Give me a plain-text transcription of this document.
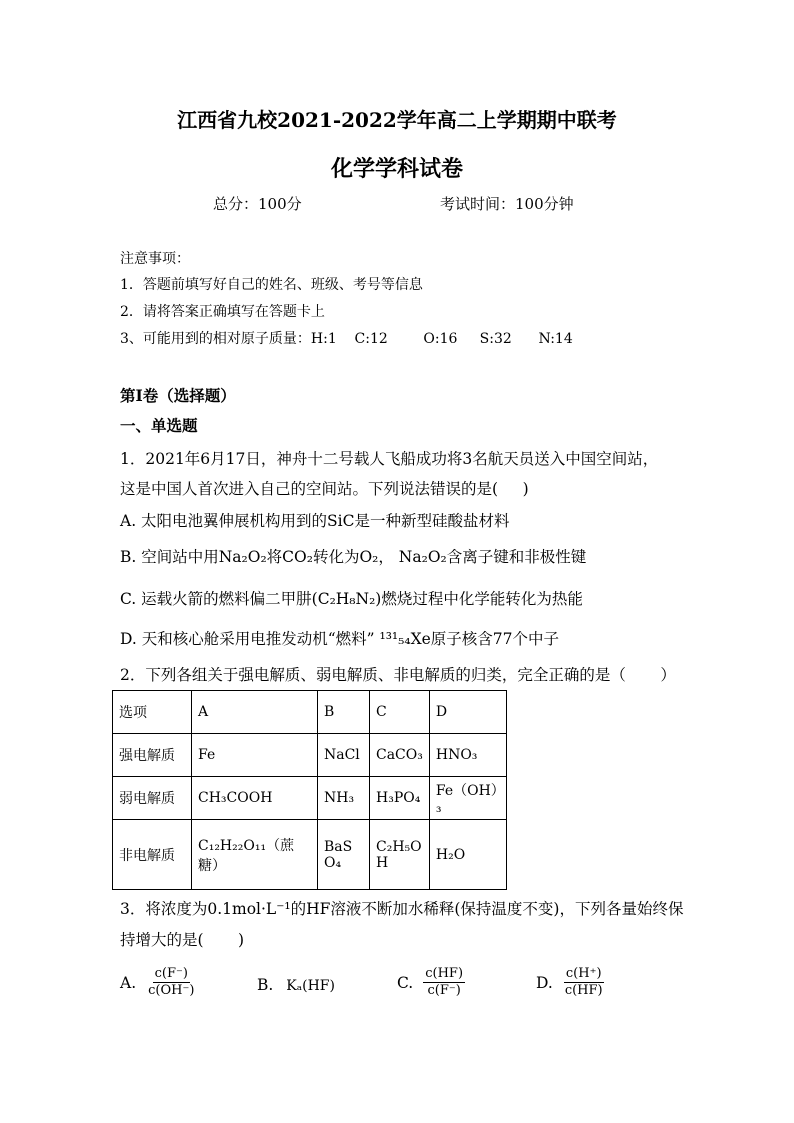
江西省九校2021-2022学年高二上学期期中联考
化学学科试卷
总分：100分	考试时间：100分钟
注意事项：
1．答题前填写好自己的姓名、班级、考号等信息
2．请将答案正确填写在答题卡上
3、可能用到的相对原子质量：H:1    C:12        O:16     S:32      N:14
第I卷（选择题）
一、单选题
1．2021年6月17日，神舟十二号载人飞船成功将3名航天员送入中国空间站，
这是中国人首次进入自己的空间站。下列说法错误的是(     )
A. 太阳电池翼伸展机构用到的SiC是一种新型硅酸盐材料
B. 空间站中用Na₂O₂将CO₂转化为O₂， Na₂O₂含离子键和非极性键
C. 运载火箭的燃料偏二甲肼(C₂H₈N₂)燃烧过程中化学能转化为热能
D. 天和核心舱采用电推发动机“燃料” ¹³¹₅₄Xe原子核含77个中子
2．下列各组关于强电解质、弱电解质、非电解质的归类，完全正确的是（       ）
选项	A	B	C	D
强电解质	Fe	NaCl	CaCO₃	HNO₃
弱电解质	CH₃COOH	NH₃	H₃PO₄	Fe（OH）₃
非电解质	C₁₂H₂₂O₁₁（蔗糖）	BaSO₄	C₂H₅OH	H₂O
3．将浓度为0.1mol·L⁻¹的HF溶液不断加水稀释(保持温度不变)，下列各量始终保
持增大的是(       )
A. $\frac{c(F^-)}{c(OH^-)}$	B. Kₐ(HF)	C. $\frac{c(HF)}{c(F^-)}$	D. $\frac{c(H^+)}{c(HF)}$
